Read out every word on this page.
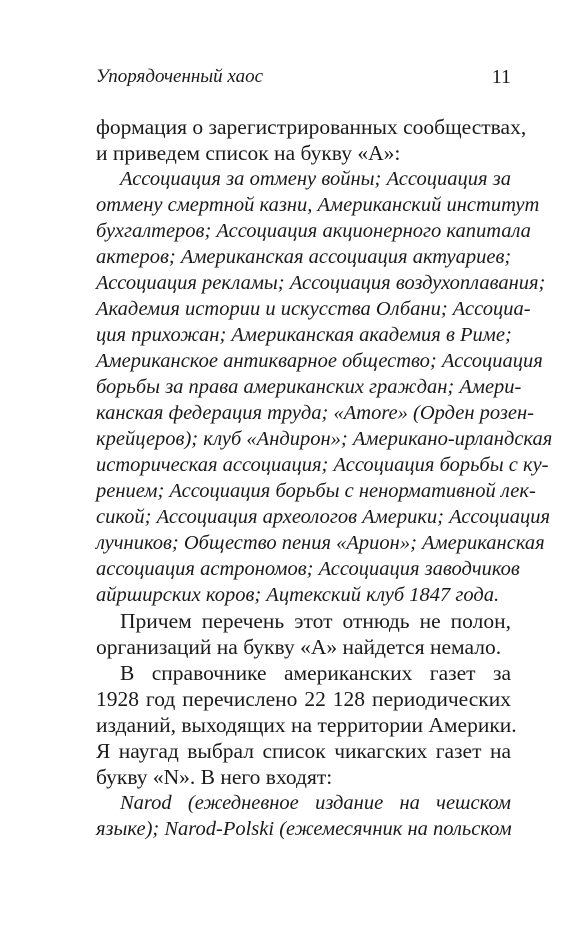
Упорядоченный хаос	11
формация о зарегистрированных сообществах,
и приведем список на букву «А»:
Ассоциация за отмену войны; Ассоциация за
отмену смертной казни, Американский институт
бухгалтеров; Ассоциация акционерного капитала
актеров; Американская ассоциация актуариев;
Ассоциация рекламы; Ассоциация воздухоплавания;
Академия истории и искусства Олбани; Ассоциа-
ция прихожан; Американская академия в Риме;
Американское антикварное общество; Ассоциация
борьбы за права американских граждан; Амери-
канская федерация труда; «Amore» (Орден розен-
крейцеров); клуб «Андирон»; Американо-ирландская
историческая ассоциация; Ассоциация борьбы с ку-
рением; Ассоциация борьбы с ненормативной лек-
сикой; Ассоциация археологов Америки; Ассоциация
лучников; Общество пения «Арион»; Американская
ассоциация астрономов; Ассоциация заводчиков
айрширских коров; Ацтекский клуб 1847 года.
Причем перечень этот отнюдь не полон,
организаций на букву «А» найдется немало.
В справочнике американских газет за
1928 год перечислено 22 128 периодических
изданий, выходящих на территории Америки.
Я наугад выбрал список чикагских газет на
букву «N». В него входят:
Narod (ежедневное издание на чешском
языке); Narod-Polski (ежемесячник на польском
